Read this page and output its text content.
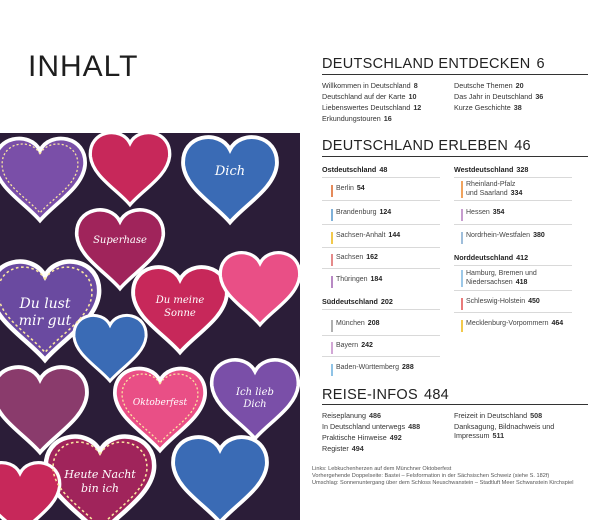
INHALT
Du lust
mir gut
Superhase
Dich
Du meine
Sonne
Oktoberfest
Heute Nacht
bin ich
Ich lieb
Dich
DEUTSCHLAND ENTDECKEN 6
Willkommen in Deutschland 8
Deutschland auf der Karte 10
Liebenswertes Deutschland 12
Erkundungstouren 16
Deutsche Themen 20
Das Jahr in Deutschland 36
Kurze Geschichte 38
DEUTSCHLAND ERLEBEN 46
Ostdeutschland 48
Berlin 54
Brandenburg 124
Sachsen-Anhalt 144
Sachsen 162
Thüringen 184
Süddeutschland 202
München 208
Bayern 242
Baden-Württemberg 288
Westdeutschland 328
Rheinland-Pfalz
und Saarland 334
Hessen 354
Nordrhein-Westfalen 380
Norddeutschland 412
Hamburg, Bremen und
Niedersachsen 418
Schleswig-Holstein 450
Mecklenburg-Vorpommern 464
REISE-INFOS 484
Reiseplanung 486
In Deutschland unterwegs 488
Praktische Hinweise 492
Register 494
Freizeit in Deutschland 508
Danksagung, Bildnachweis und
Impressum 511
Links: Lebkuchenherzen auf dem Münchner Oktoberfest
Vorhergehende Doppelseite: Bastei – Felsformation in der Sächsischen Schweiz (siehe S. 182f)
Umschlag: Sonnenuntergang über dem Schloss Neuschwanstein – Stadtluft Meer Schwanstein Kirchspiel
